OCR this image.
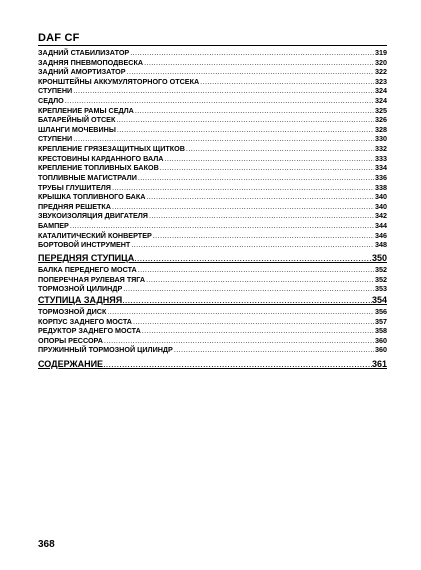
DAF CF
ЗАДНИЙ СТАБИЛИЗАТОР .....	319
ЗАДНЯЯ ПНЕВМОПОДВЕСКА .....	320
ЗАДНИЙ АМОРТИЗАТОР .....	322
КРОНШТЕЙНЫ АККУМУЛЯТОРНОГО ОТСЕКА .....	323
СТУПЕНИ .....	324
СЕДЛО .....	324
КРЕПЛЕНИЕ РАМЫ СЕДЛА .....	325
БАТАРЕЙНЫЙ ОТСЕК .....	326
ШЛАНГИ МОЧЕВИНЫ .....	328
СТУПЕНИ .....	330
КРЕПЛЕНИЕ ГРЯЗЕЗАЩИТНЫХ ЩИТКОВ .....	332
КРЕСТОВИНЫ КАРДАННОГО ВАЛА .....	333
КРЕПЛЕНИЕ ТОПЛИВНЫХ БАКОВ .....	334
ТОПЛИВНЫЕ МАГИСТРАЛИ .....	336
ТРУБЫ ГЛУШИТЕЛЯ .....	338
КРЫШКА ТОПЛИВНОГО БАКА .....	340
ПРЕДНЯЯ РЕШЕТКА .....	340
ЗВУКОИЗОЛЯЦИЯ ДВИГАТЕЛЯ .....	342
БАМПЕР .....	344
КАТАЛИТИЧЕСКИЙ КОНВЕРТЕР .....	346
БОРТОВОЙ ИНСТРУМЕНТ .....	348
ПЕРЕДНЯЯ СТУПИЦА .....	350
БАЛКА ПЕРЕДНЕГО МОСТА .....	352
ПОПЕРЕЧНАЯ РУЛЕВАЯ ТЯГА .....	352
ТОРМОЗНОЙ ЦИЛИНДР .....	353
СТУПИЦА ЗАДНЯЯ .....	354
ТОРМОЗНОЙ ДИСК .....	356
КОРПУС ЗАДНЕГО МОСТА .....	357
РЕДУКТОР ЗАДНЕГО МОСТА .....	358
ОПОРЫ РЕССОРА .....	360
ПРУЖИННЫЙ ТОРМОЗНОЙ ЦИЛИНДР .....	360
СОДЕРЖАНИЕ .....	361
368
